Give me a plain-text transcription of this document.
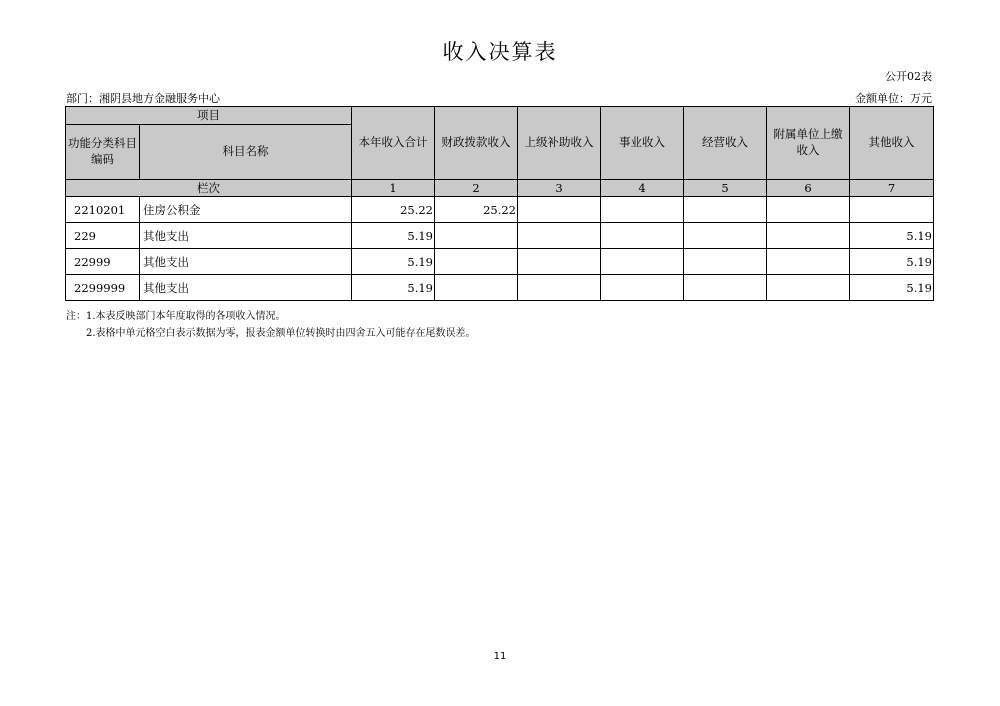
收入决算表
公开02表
部门：湘阴县地方金融服务中心	金额单位：万元
项目		本年收入合计	财政拨款收入	上级补助收入	事业收入	经营收入	附属单位上缴收入	其他收入
功能分类科目编码	科目名称							
栏次		1	2	3	4	5	6	7
2210201	住房公积金	25.22	25.22					
229	其他支出	5.19						5.19
22999	其他支出	5.19						5.19
2299999	其他支出	5.19						5.19
注：1.本表反映部门本年度取得的各项收入情况。
2.表格中单元格空白表示数据为零，报表金额单位转换时由四舍五入可能存在尾数误差。
11
